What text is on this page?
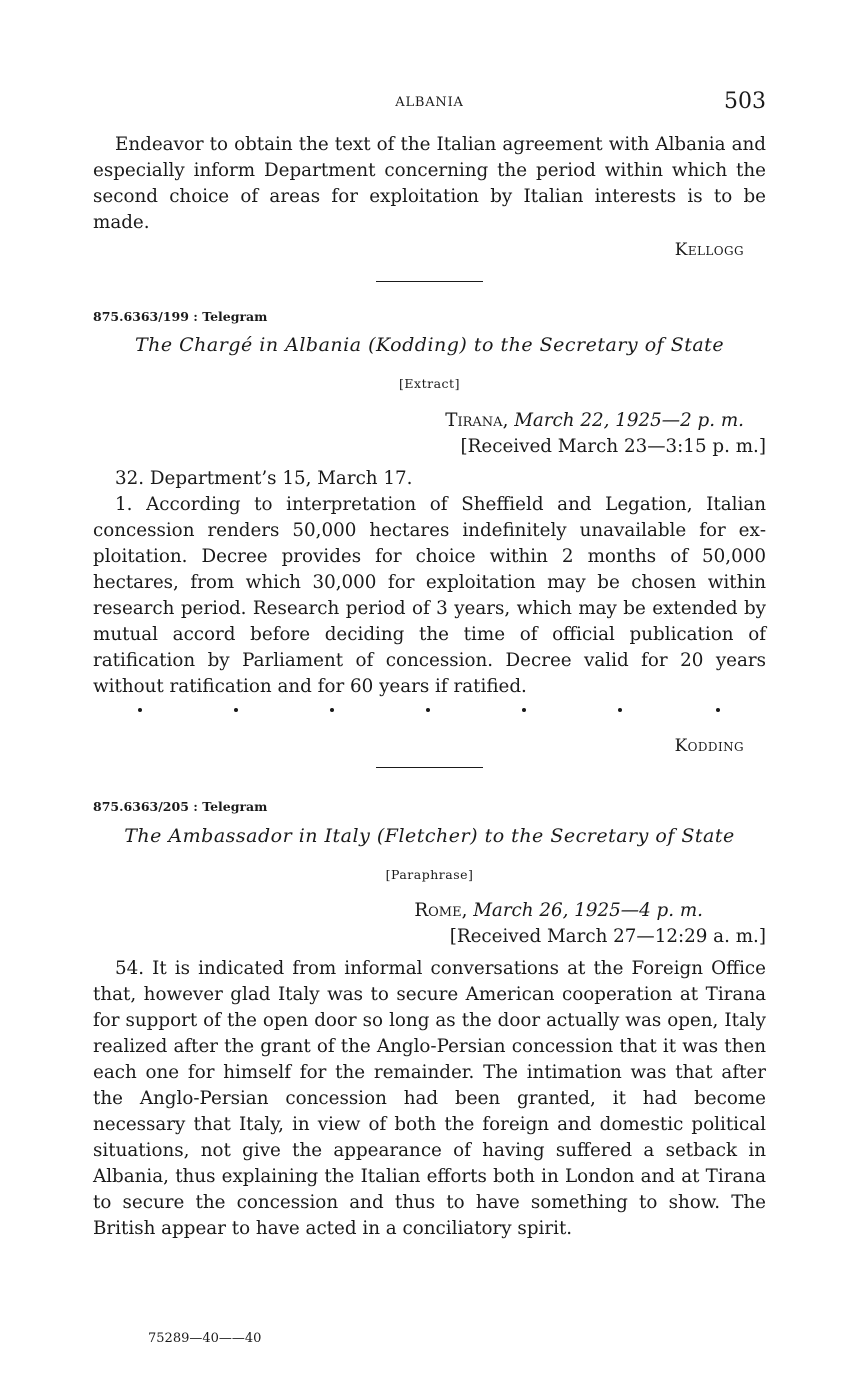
ALBANIA	503

Endeavor to obtain the text of the Italian agreement with Albania and especially inform Department concerning the period within which the second choice of areas for exploitation by Italian interests is to be made.

Kellogg
875.6363/199 : Telegram
The Chargé in Albania (Kodding) to the Secretary of State
[Extract]
Tirana, March 22, 1925—2 p. m.
[Received March 23—3:15 p. m.]

32. Department’s 15, March 17.

1. According to interpretation of Sheffield and Legation, Italian concession renders 50,000 hectares indefinitely unavailable for exploitation. Decree provides for choice within 2 months of 50,000 hectares, from which 30,000 for exploitation may be chosen within research period. Research period of 3 years, which may be extended by mutual accord before deciding the time of official publication of ratification by Parliament of concession. Decree valid for 20 years without ratification and for 60 years if ratified.

Kodding
875.6363/205 : Telegram
The Ambassador in Italy (Fletcher) to the Secretary of State
[Paraphrase]
Rome, March 26, 1925—4 p. m.
[Received March 27—12:29 a. m.]

54. It is indicated from informal conversations at the Foreign Office that, however glad Italy was to secure American cooperation at Tirana for support of the open door so long as the door actually was open, Italy realized after the grant of the Anglo-Persian concession that it was then each one for himself for the remainder. The intimation was that after the Anglo-Persian concession had been granted, it had become necessary that Italy, in view of both the foreign and domestic political situations, not give the appearance of having suffered a setback in Albania, thus explaining the Italian efforts both in London and at Tirana to secure the concession and thus to have something to show. The British appear to have acted in a conciliatory spirit.

75289—40——40
